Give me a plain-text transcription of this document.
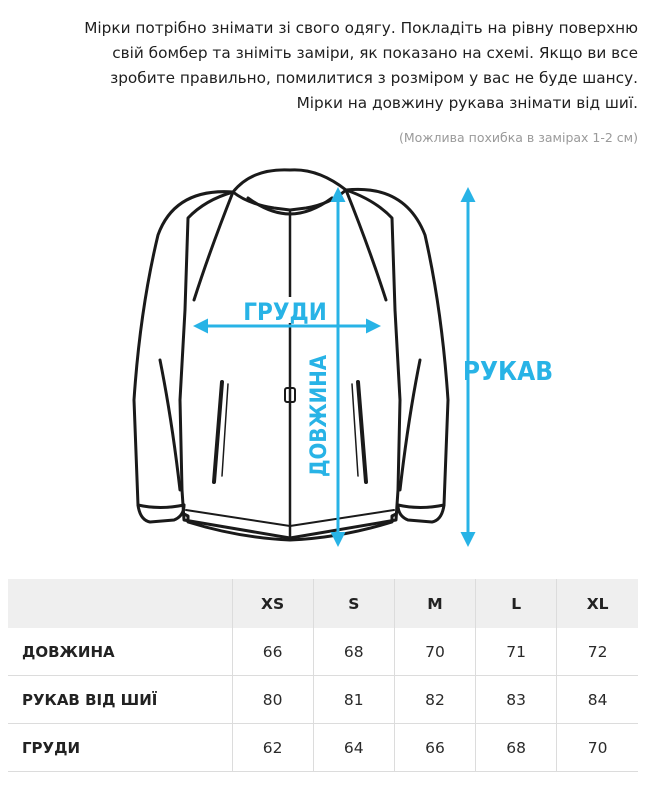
Мірки потрібно знімати зі свого одягу. Покладіть на рівну поверхню
свій бомбер та зніміть заміри, як показано на схемі. Якщо ви все
зробите правильно, помилитися з розміром у вас не буде шансу.
Мірки на довжину рукава знімати від шиї.
(Можлива похибка в замірах 1-2 см)
ГРУДИ
ДОВЖИНА	РУКАВ
	XS	S	M	L	XL
ДОВЖИНА	66	68	70	71	72
РУКАВ ВІД ШИЇ	80	81	82	83	84
ГРУДИ	62	64	66	68	70
